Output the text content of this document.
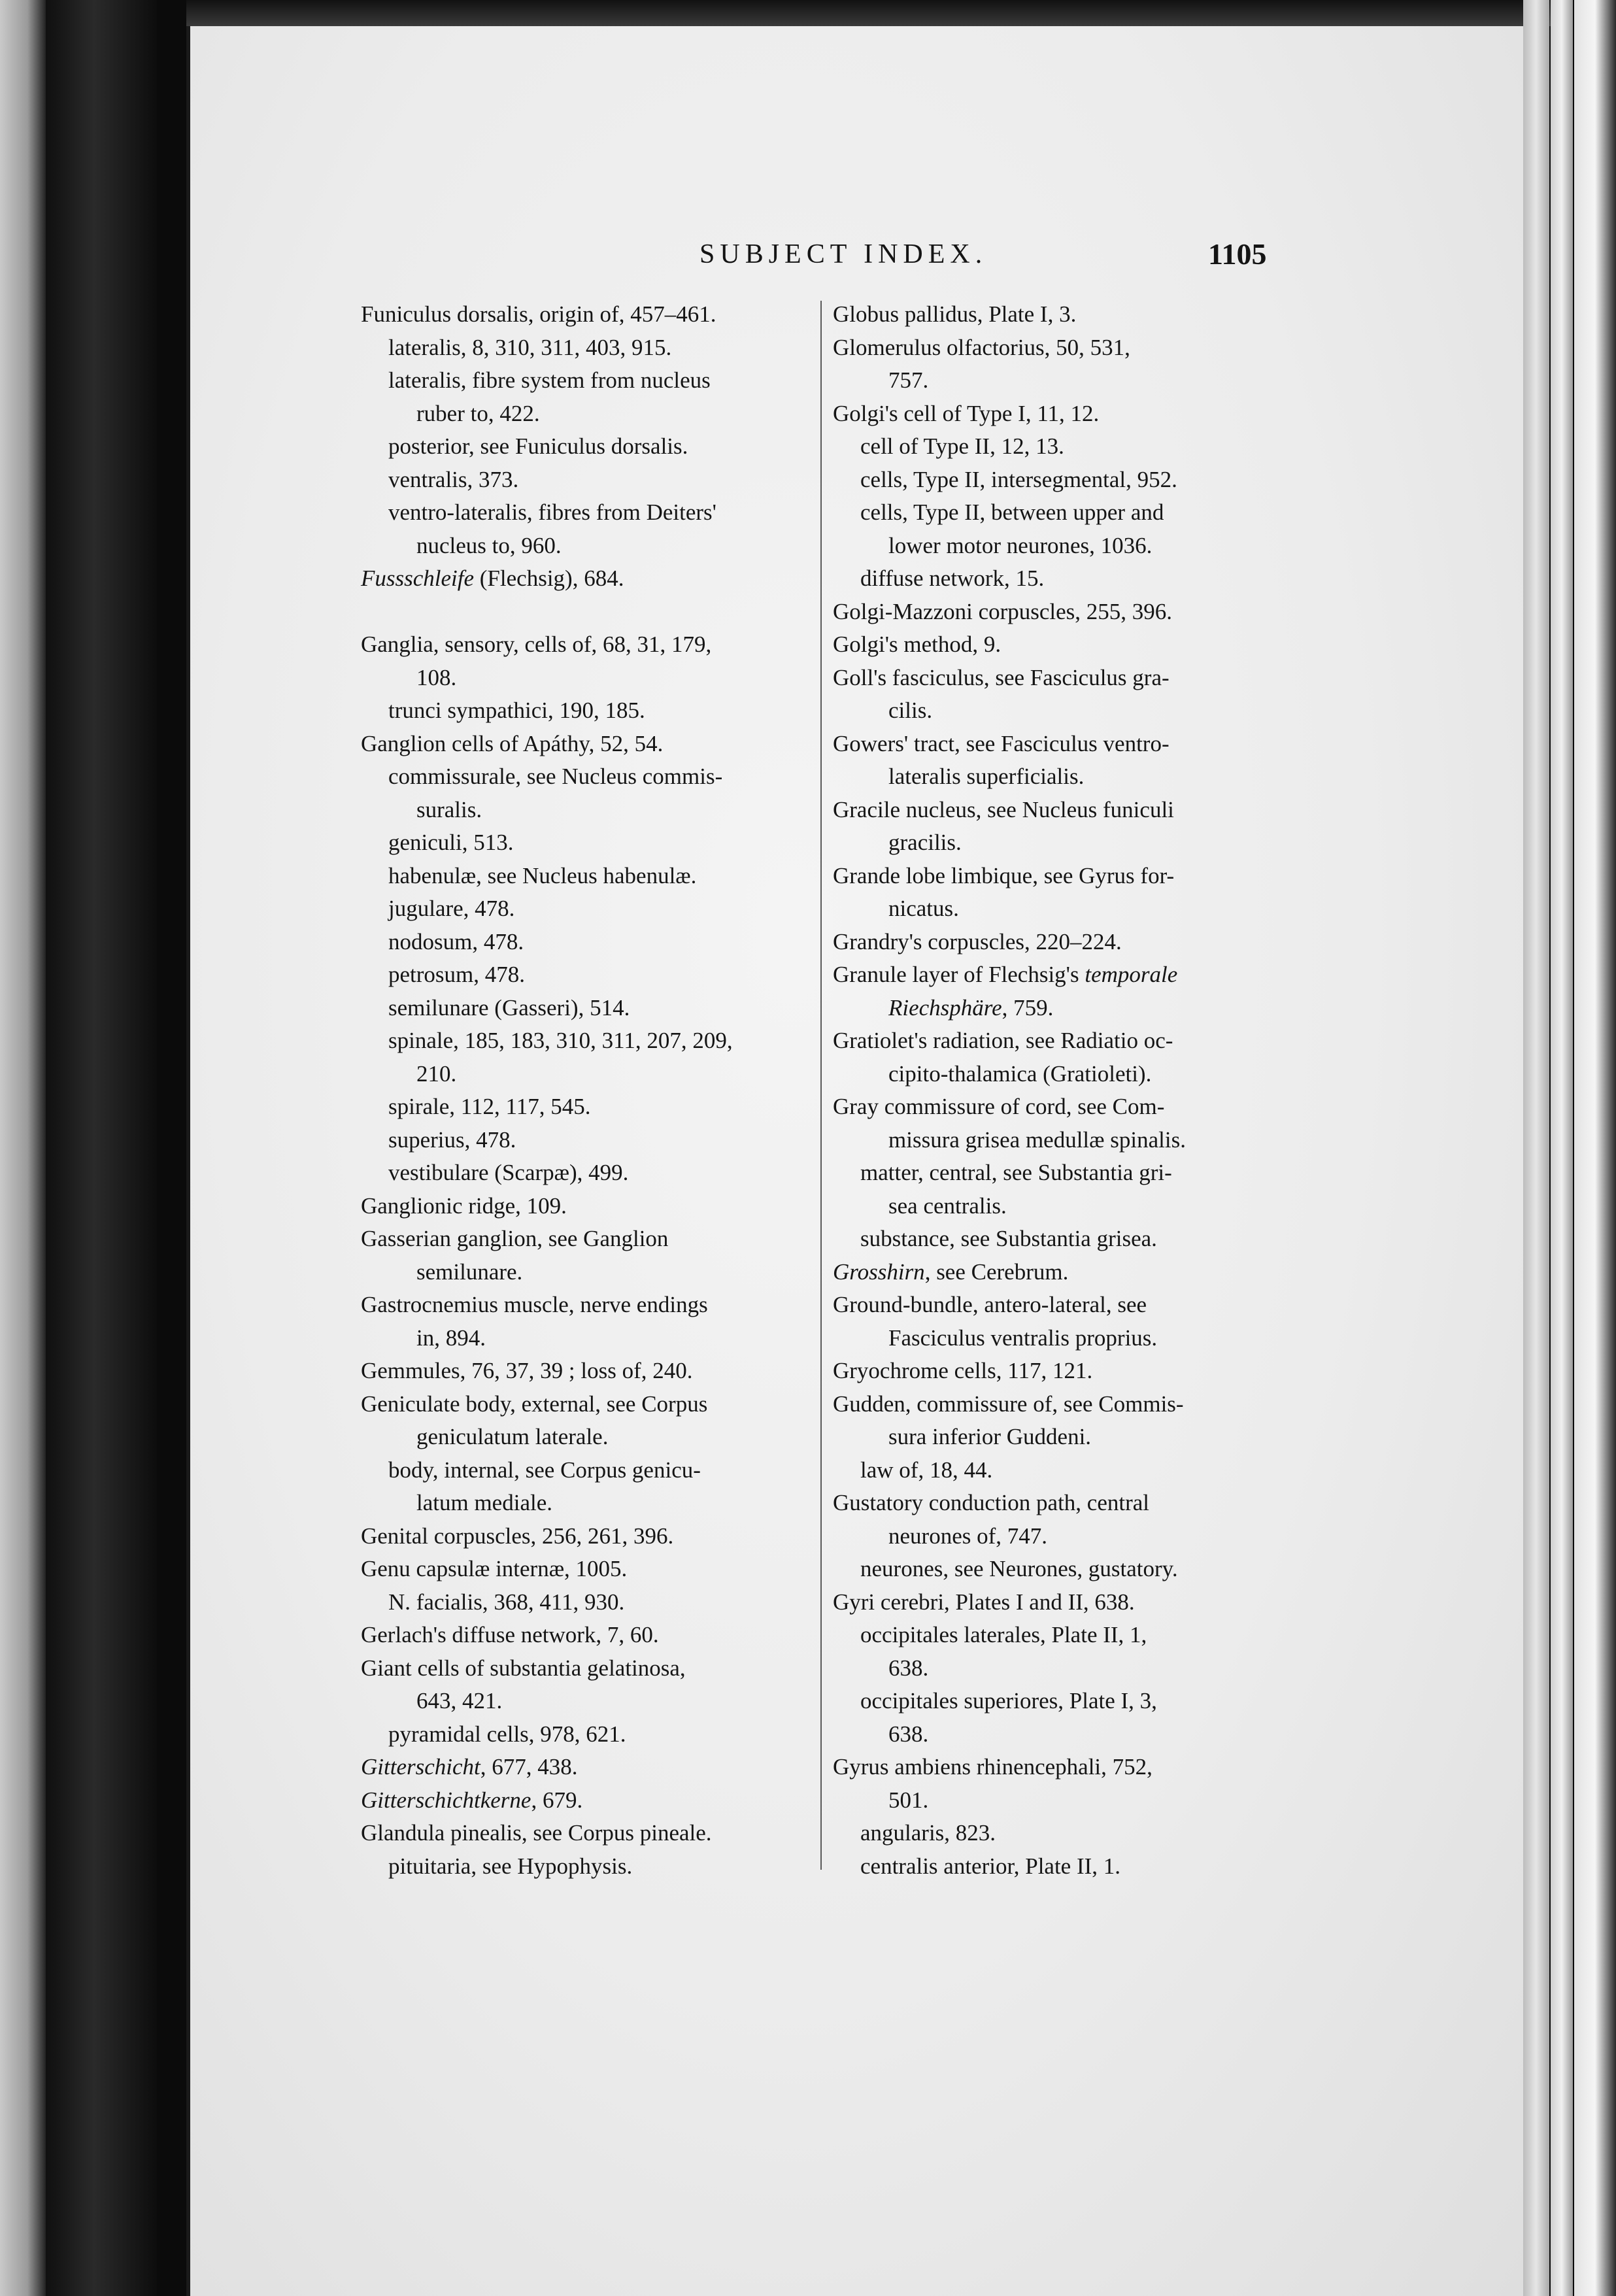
SUBJECT INDEX.	1105
Funiculus dorsalis, origin of, 457–461.
lateralis, 8, 310, 311, 403, 915.
lateralis, fibre system from nucleus
ruber to, 422.
posterior, see Funiculus dorsalis.
ventralis, 373.
ventro-lateralis, fibres from Deiters'
nucleus to, 960.
Fussschleife (Flechsig), 684.
Ganglia, sensory, cells of, 68, 31, 179,
108.
trunci sympathici, 190, 185.
Ganglion cells of Apáthy, 52, 54.
commissurale, see Nucleus commis-
suralis.
geniculi, 513.
habenulæ, see Nucleus habenulæ.
jugulare, 478.
nodosum, 478.
petrosum, 478.
semilunare (Gasseri), 514.
spinale, 185, 183, 310, 311, 207, 209,
210.
spirale, 112, 117, 545.
superius, 478.
vestibulare (Scarpæ), 499.
Ganglionic ridge, 109.
Gasserian ganglion, see Ganglion
semilunare.
Gastrocnemius muscle, nerve endings
in, 894.
Gemmules, 76, 37, 39 ; loss of, 240.
Geniculate body, external, see Corpus
geniculatum laterale.
body, internal, see Corpus genicu-
latum mediale.
Genital corpuscles, 256, 261, 396.
Genu capsulæ internæ, 1005.
N. facialis, 368, 411, 930.
Gerlach's diffuse network, 7, 60.
Giant cells of substantia gelatinosa,
643, 421.
pyramidal cells, 978, 621.
Gitterschicht, 677, 438.
Gitterschichtkerne, 679.
Glandula pinealis, see Corpus pineale.
pituitaria, see Hypophysis.
Globus pallidus, Plate I, 3.
Glomerulus olfactorius, 50, 531,
757.
Golgi's cell of Type I, 11, 12.
cell of Type II, 12, 13.
cells, Type II, intersegmental, 952.
cells, Type II, between upper and
lower motor neurones, 1036.
diffuse network, 15.
Golgi-Mazzoni corpuscles, 255, 396.
Golgi's method, 9.
Goll's fasciculus, see Fasciculus gra-
cilis.
Gowers' tract, see Fasciculus ventro-
lateralis superficialis.
Gracile nucleus, see Nucleus funiculi
gracilis.
Grande lobe limbique, see Gyrus for-
nicatus.
Grandry's corpuscles, 220–224.
Granule layer of Flechsig's temporale
Riechsphäre, 759.
Gratiolet's radiation, see Radiatio oc-
cipito-thalamica (Gratioleti).
Gray commissure of cord, see Com-
missura grisea medullæ spinalis.
matter, central, see Substantia gri-
sea centralis.
substance, see Substantia grisea.
Grosshirn, see Cerebrum.
Ground-bundle, antero-lateral, see
Fasciculus ventralis proprius.
Gryochrome cells, 117, 121.
Gudden, commissure of, see Commis-
sura inferior Guddeni.
law of, 18, 44.
Gustatory conduction path, central
neurones of, 747.
neurones, see Neurones, gustatory.
Gyri cerebri, Plates I and II, 638.
occipitales laterales, Plate II, 1,
638.
occipitales superiores, Plate I, 3,
638.
Gyrus ambiens rhinencephali, 752,
501.
angularis, 823.
centralis anterior, Plate II, 1.
